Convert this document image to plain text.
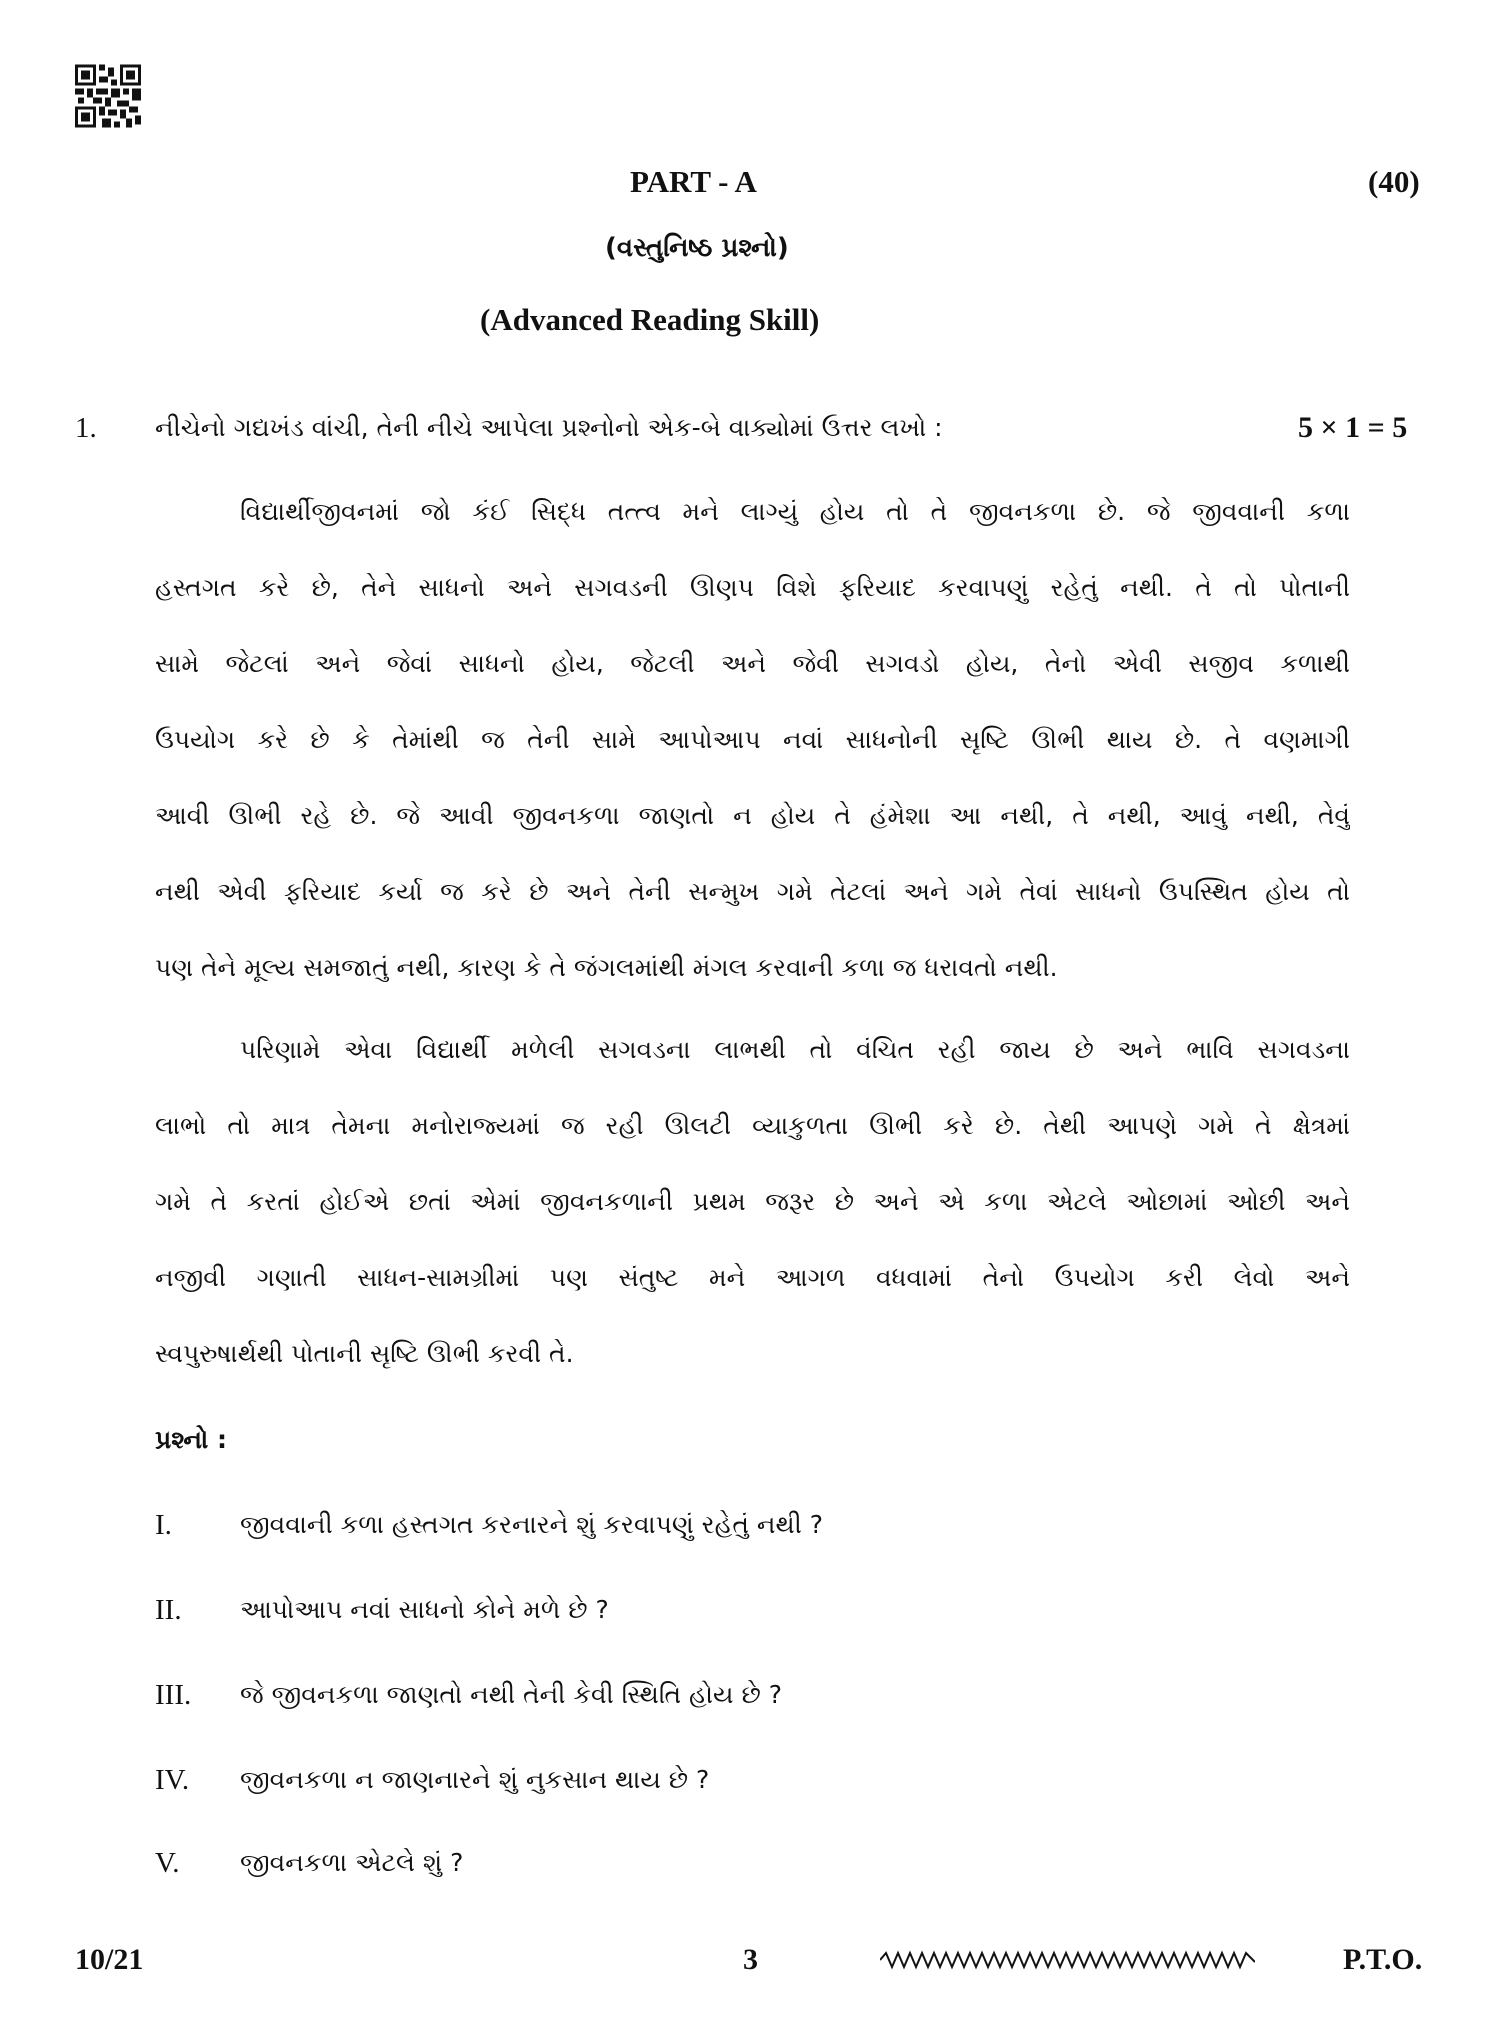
PART - A	(40)
(વસ્તુનિષ્ઠ પ્રશ્નો)
(Advanced Reading Skill)
1. નીચેનો ગદ્યખંડ વાંચી, તેની નીચે આપેલા પ્રશ્નોનો એક-બે વાક્યોમાં ઉત્તર લખો :	5 × 1 = 5
વિદ્યાર્થીજીવનમાં જો કંઈ સિદ્ધ તત્ત્વ મને લાગ્યું હોય તો તે જીવનકળા છે. જે જીવવાની કળા
હસ્તગત કરે છે, તેને સાધનો અને સગવડની ઊણપ વિશે ફરિયાદ કરવાપણું રહેતું નથી. તે તો પોતાની
સામે જેટલાં અને જેવાં સાધનો હોય, જેટલી અને જેવી સગવડો હોય, તેનો એવી સજીવ કળાથી
ઉપયોગ કરે છે કે તેમાંથી જ તેની સામે આપોઆપ નવાં સાધનોની સૃષ્ટિ ઊભી થાય છે. તે વણમાગી
આવી ઊભી રહે છે. જે આવી જીવનકળા જાણતો ન હોય તે હંમેશા આ નથી, તે નથી, આવું નથી, તેવું
નથી એવી ફરિયાદ કર્યા જ કરે છે અને તેની સન્મુખ ગમે તેટલાં અને ગમે તેવાં સાધનો ઉપસ્થિત હોય તો
પણ તેને મૂલ્ય સમજાતું નથી, કારણ કે તે જંગલમાંથી મંગલ કરવાની કળા જ ધરાવતો નથી.
પરિણામે એવા વિદ્યાર્થી મળેલી સગવડના લાભથી તો વંચિત રહી જાય છે અને ભાવિ સગવડના
લાભો તો માત્ર તેમના મનોરાજ્યમાં જ રહી ઊલટી વ્યાકુળતા ઊભી કરે છે. તેથી આપણે ગમે તે ક્ષેત્રમાં
ગમે તે કરતાં હોઈએ છતાં એમાં જીવનકળાની પ્રથમ જરૂર છે અને એ કળા એટલે ઓછામાં ઓછી અને
નજીવી ગણાતી સાધન-સામગ્રીમાં પણ સંતુષ્ટ મને આગળ વધવામાં તેનો ઉપયોગ કરી લેવો અને
સ્વપુરુષાર્થથી પોતાની સૃષ્ટિ ઊભી કરવી તે.
પ્રશ્નો :
I.	જીવવાની કળા હસ્તગત કરનારને શું કરવાપણું રહેતું નથી ?
II. આપોઆપ નવાં સાધનો કોને મળે છે ?
III. જે જીવનકળા જાણતો નથી તેની કેવી સ્થિતિ હોય છે ?
IV. જીવનકળા ન જાણનારને શું નુકસાન થાય છે ?
V. જીવનકળા એટલે શું ?
10/21	3	P.T.O.
